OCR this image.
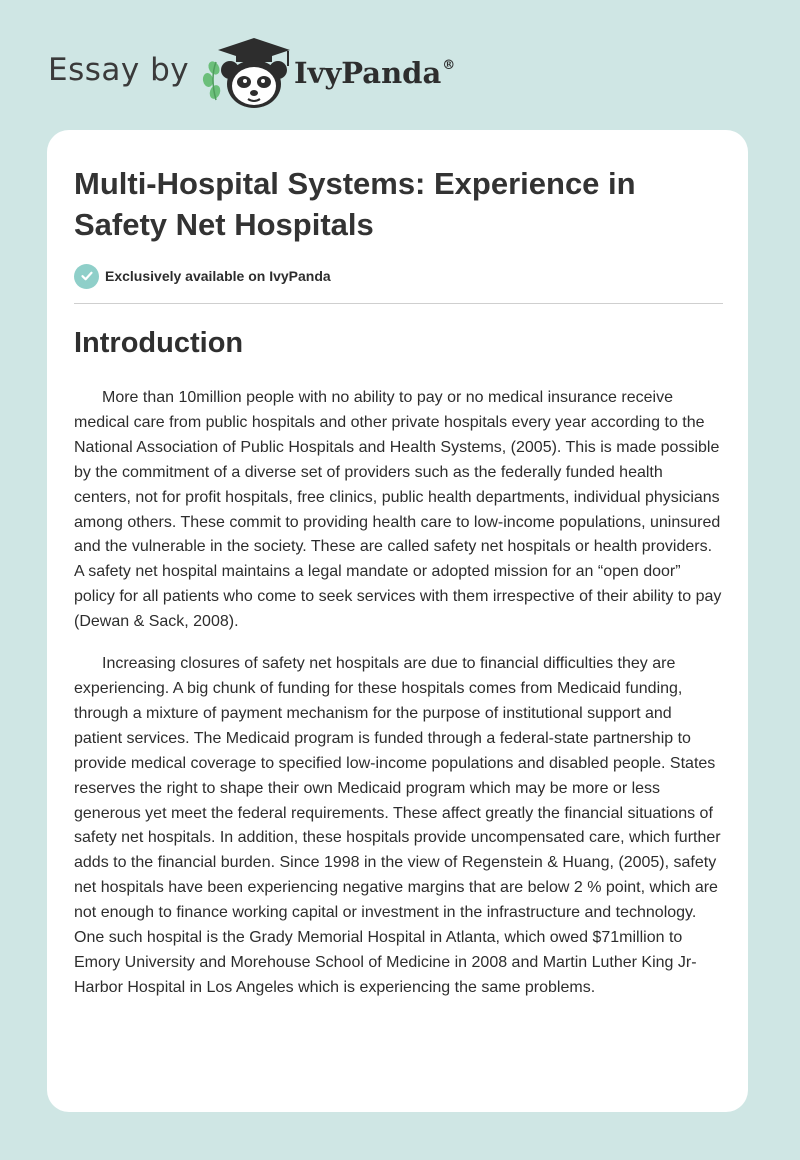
Essay by	IvyPanda®
Multi-Hospital Systems: Experience in Safety Net Hospitals
Exclusively available on IvyPanda
Introduction

More than 10million people with no ability to pay or no medical insurance receive medical care from public hospitals and other private hospitals every year according to the National Association of Public Hospitals and Health Systems, (2005). This is made possible by the commitment of a diverse set of providers such as the federally funded health centers, not for profit hospitals, free clinics, public health departments, individual physicians among others. These commit to providing health care to low-income populations, uninsured and the vulnerable in the society. These are called safety net hospitals or health providers. A safety net hospital maintains a legal mandate or adopted mission for an “open door” policy for all patients who come to seek services with them irrespective of their ability to pay (Dewan & Sack, 2008).

Increasing closures of safety net hospitals are due to financial difficulties they are experiencing. A big chunk of funding for these hospitals comes from Medicaid funding, through a mixture of payment mechanism for the purpose of institutional support and patient services. The Medicaid program is funded through a federal-state partnership to provide medical coverage to specified low-income populations and disabled people. States reserves the right to shape their own Medicaid program which may be more or less generous yet meet the federal requirements. These affect greatly the financial situations of safety net hospitals. In addition, these hospitals provide uncompensated care, which further adds to the financial burden. Since 1998 in the view of Regenstein & Huang, (2005), safety net hospitals have been experiencing negative margins that are below 2 % point, which are not enough to finance working capital or investment in the infrastructure and technology. One such hospital is the Grady Memorial Hospital in Atlanta, which owed $71million to Emory University and Morehouse School of Medicine in 2008 and Martin Luther King Jr-Harbor Hospital in Los Angeles which is experiencing the same problems.
